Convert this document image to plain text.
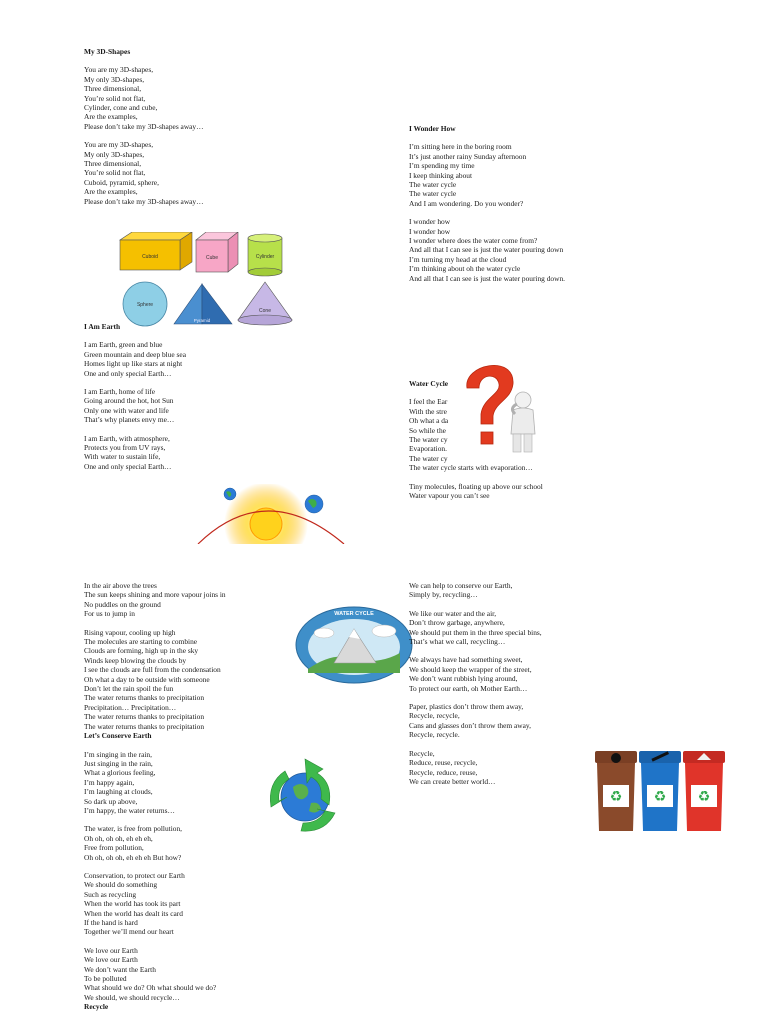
My 3D-Shapes
You are my 3D-shapes,
My only 3D-shapes,
Three dimensional,
You’re solid not flat,
Cylinder, cone and cube,
Are the examples,
Please don’t take my 3D-shapes away…
You are my 3D-shapes,
My only 3D-shapes,
Three dimensional,
You’re solid not flat,
Cuboid, pyramid, sphere,
Are the examples,
Please don’t take my 3D-shapes away…
Cuboid	Cube	Cylinder
Sphere
Pyramid
Cone
I Am Earth
I am Earth, green and blue
Green mountain and deep blue sea
Homes light up like stars at night
One and only special Earth…
I am Earth, home of life
Going around the hot, hot Sun
Only one with water and life
That’s why planets envy me…
I am Earth, with atmosphere,
Protects you from UV rays,
With water to sustain life,
One and only special Earth…
I Wonder How
I’m sitting here in the boring room
It’s just another rainy Sunday afternoon
I’m spending my time
I keep thinking about
The water cycle
The water cycle
And I am wondering. Do you wonder?
I wonder how
I wonder how
I wonder where does the water come from?
And all that I can see is just the water pouring down
I’m turning my head at the cloud
I’m thinking about oh the water cycle
And all that I can see is just the water pouring down.
Water Cycle
I feel the Ear
With the stre
Oh what a da
So while the
The water cy
Evaporation.
The water cy
The water cycle starts with evaporation…
Tiny molecules, floating up above our school
Water vapour you can’t see
In the air above the trees
The sun keeps shining and more vapour joins in
No puddles on the ground
For us to jump in
Rising vapour, cooling up high
The molecules are starting to combine
Clouds are forming, high up in the sky
Winds keep blowing the clouds by
I see the clouds are full from the condensation
Oh what a day to be outside with someone
Don’t let the rain spoil the fun
The water returns thanks to precipitation
Precipitation… Precipitation…
The water returns thanks to precipitation
The water returns thanks to precipitation
Let’s Conserve Earth
I’m singing in the rain,
Just singing in the rain,
What a glorious feeling,
I’m happy again,
I’m laughing at clouds,
So dark up above,
I’m happy, the water returns…
The water, is free from pollution,
Oh oh, oh oh, eh eh eh,
Free from pollution,
Oh oh, oh oh, eh eh eh But how?
Conservation, to protect our Earth
We should do something
Such as recycling
When the world has took its part
When the world has dealt its card
If the hand is hard
Together we’ll mend our heart
We love our Earth
We love our Earth
We don’t want the Earth
To be polluted
What should we do? Oh what should we do?
We should, we should recycle…
Recycle
WATER CYCLE
We can help to conserve our Earth,
Simply by, recycling…
We like our water and the air,
Don’t throw garbage, anywhere,
We should put them in the three special bins,
That’s what we call, recycling…
We always have had something sweet,
We should keep the wrapper of the street,
We don’t want rubbish lying around,
To protect our earth, oh Mother Earth…
Paper, plastics don’t throw them away,
Recycle, recycle,
Cans and glasses don’t throw them away,
Recycle, recycle.
Recycle,
Reduce, reuse, recycle,
Recycle, reduce, reuse,
We can create better world…
♻ ♻ ♻
